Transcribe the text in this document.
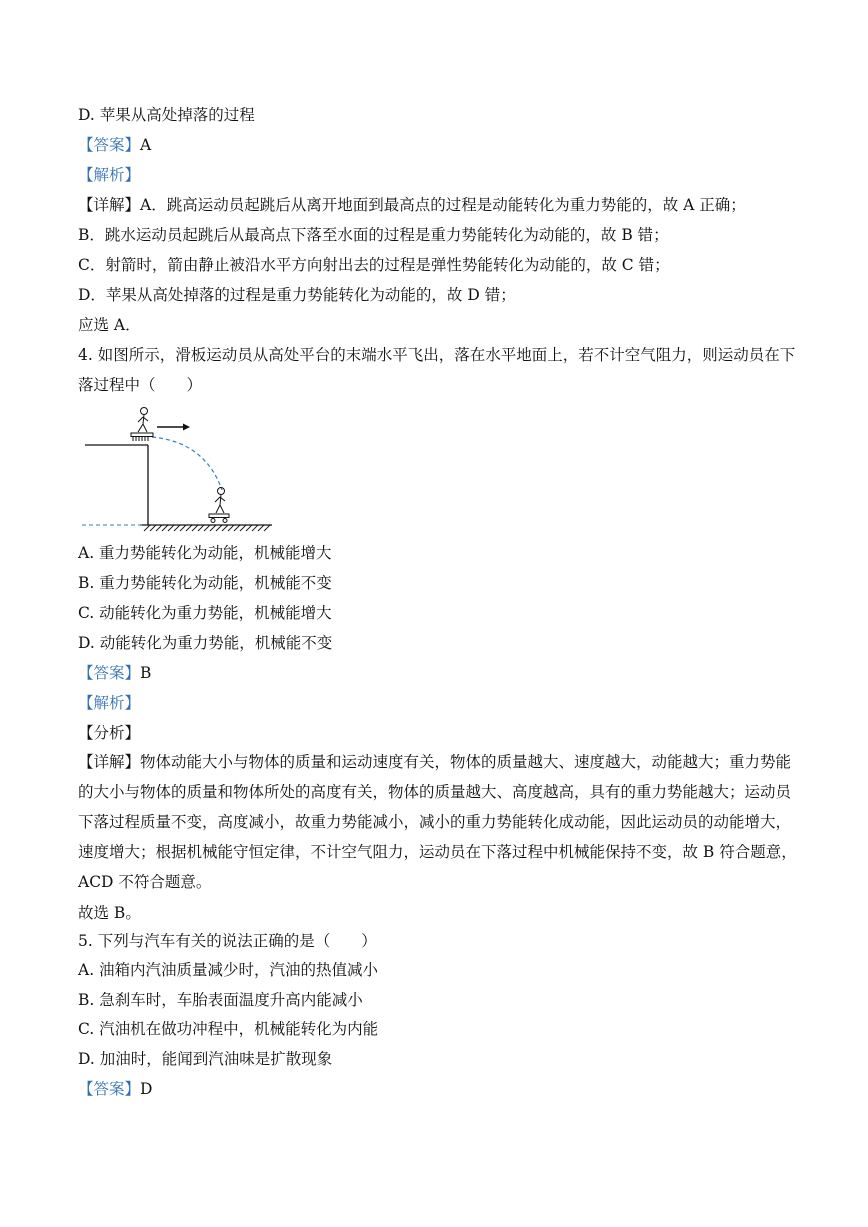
D. 苹果从高处掉落的过程
【答案】A
【解析】
【详解】A．跳高运动员起跳后从离开地面到最高点的过程是动能转化为重力势能的，故 A 正确；
B．跳水运动员起跳后从最高点下落至水面的过程是重力势能转化为动能的，故 B 错；
C．射箭时，箭由静止被沿水平方向射出去的过程是弹性势能转化为动能的，故 C 错；
D．苹果从高处掉落的过程是重力势能转化为动能的，故 D 错；
应选 A．
4. 如图所示，滑板运动员从高处平台的末端水平飞出，落在水平地面上，若不计空气阻力，则运动员在下落过程中（　　）
A. 重力势能转化为动能，机械能增大
B. 重力势能转化为动能，机械能不变
C. 动能转化为重力势能，机械能增大
D. 动能转化为重力势能，机械能不变
【答案】B
【解析】
【分析】
【详解】物体动能大小与物体的质量和运动速度有关，物体的质量越大、速度越大，动能越大；重力势能的大小与物体的质量和物体所处的高度有关，物体的质量越大、高度越高，具有的重力势能越大；运动员下落过程质量不变，高度减小，故重力势能减小，减小的重力势能转化成动能，因此运动员的动能增大，速度增大；根据机械能守恒定律，不计空气阻力，运动员在下落过程中机械能保持不变，故 B 符合题意，ACD 不符合题意。
故选 B。
5. 下列与汽车有关的说法正确的是（　　）
A. 油箱内汽油质量减少时，汽油的热值减小
B. 急刹车时，车胎表面温度升高内能减小
C. 汽油机在做功冲程中，机械能转化为内能
D. 加油时，能闻到汽油味是扩散现象
【答案】D
